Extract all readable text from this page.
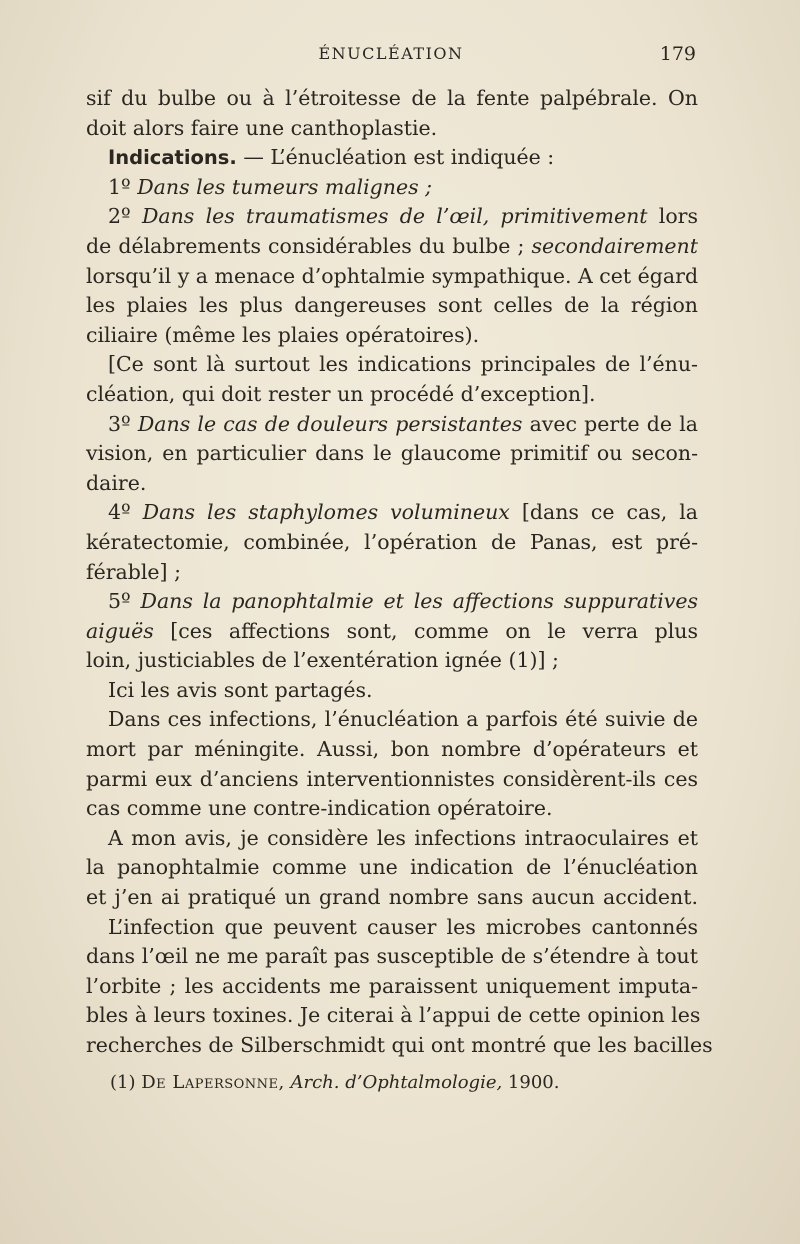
ÉNUCLÉATION	179
sif du bulbe ou à l’étroitesse de la fente palpébrale. On
doit alors faire une canthoplastie.
Indications. — L’énucléation est indiquée :
1º Dans les tumeurs malignes ;
2º Dans les traumatismes de l’œil, primitivement lors
de délabrements considérables du bulbe ; secondairement
lorsqu’il y a menace d’ophtalmie sympathique. A cet égard
les plaies les plus dangereuses sont celles de la région
ciliaire (même les plaies opératoires).
[Ce sont là surtout les indications principales de l’énu-
cléation, qui doit rester un procédé d’exception].
3º Dans le cas de douleurs persistantes avec perte de la
vision, en particulier dans le glaucome primitif ou secon-
daire.
4º Dans les staphylomes volumineux [dans ce cas, la
kératectomie, combinée, l’opération de Panas, est pré-
férable] ;
5º Dans la panophtalmie et les affections suppuratives
aiguës [ces affections sont, comme on le verra plus
loin, justiciables de l’exentération ignée (1)] ;
Ici les avis sont partagés.
Dans ces infections, l’énucléation a parfois été suivie de
mort par méningite. Aussi, bon nombre d’opérateurs et
parmi eux d’anciens interventionnistes considèrent-ils ces
cas comme une contre-indication opératoire.
A mon avis, je considère les infections intraoculaires et
la panophtalmie comme une indication de l’énucléation
et j’en ai pratiqué un grand nombre sans aucun accident.
L’infection que peuvent causer les microbes cantonnés
dans l’œil ne me paraît pas susceptible de s’étendre à tout
l’orbite ; les accidents me paraissent uniquement imputa-
bles à leurs toxines. Je citerai à l’appui de cette opinion les
recherches de Silberschmidt qui ont montré que les bacilles
(1) De Lapersonne, Arch. d’Ophtalmologie, 1900.
